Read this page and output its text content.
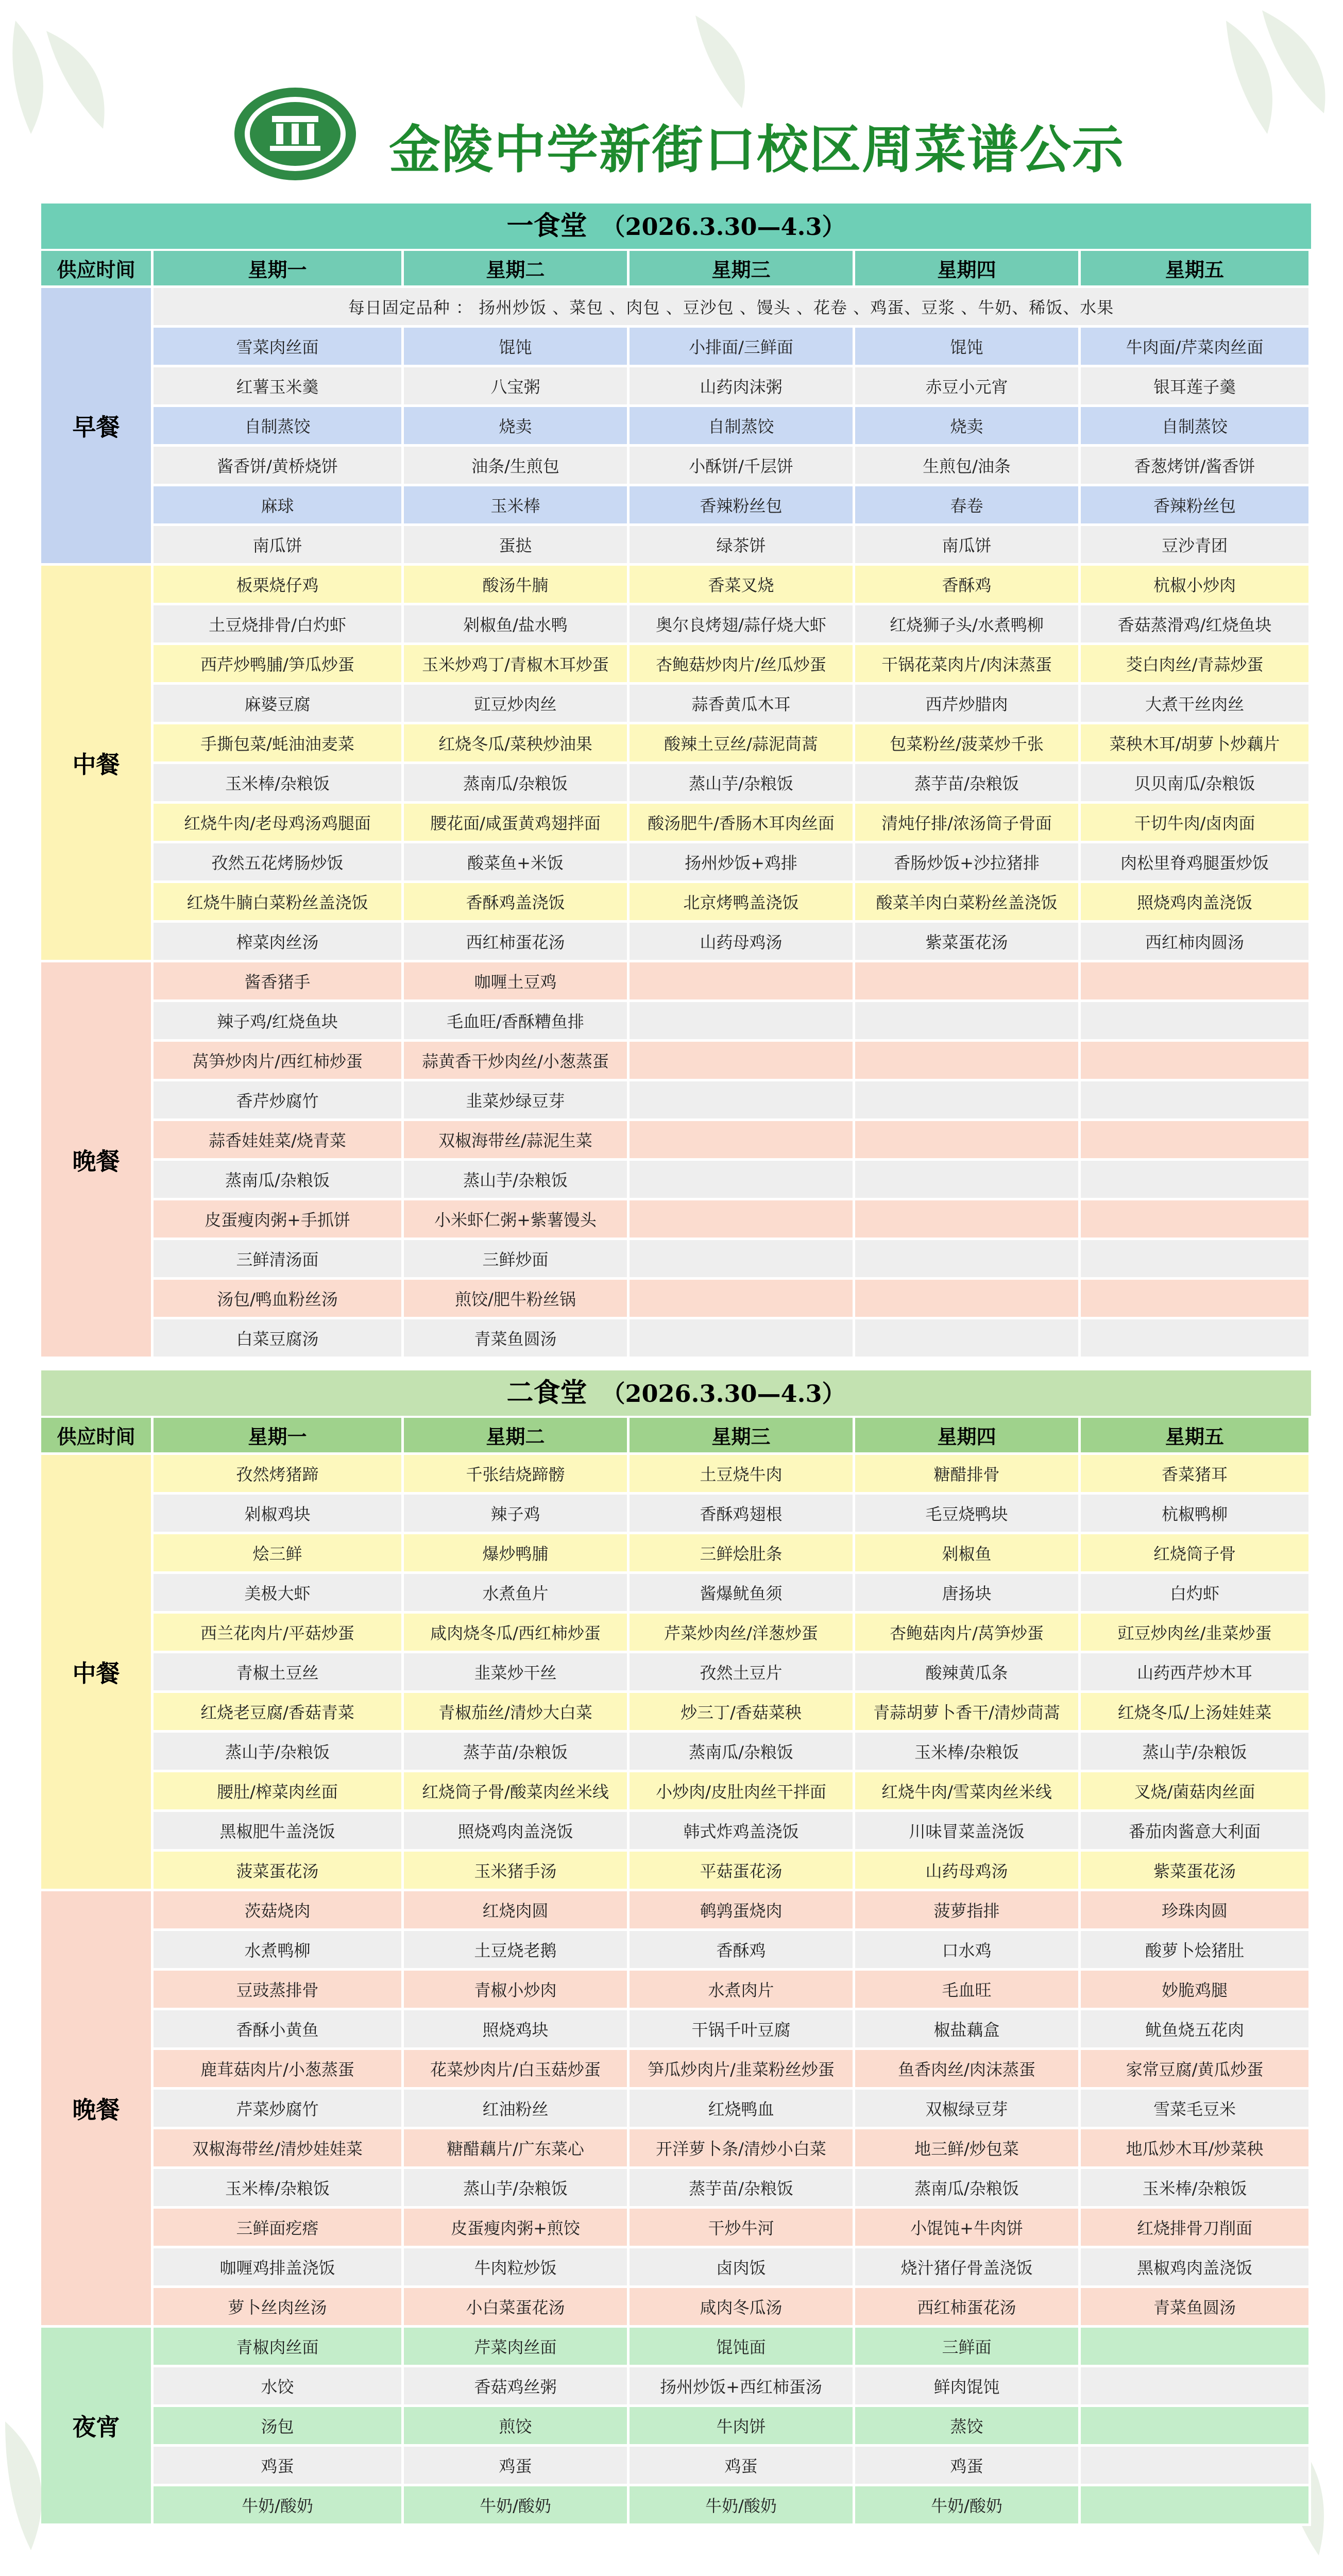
1888 金陵中学新街口校区周菜谱公示
一食堂 （2026.3.30—4.3）
供应时间	星期一	星期二	星期三	星期四	星期五
早餐
每日固定品种 ： 扬州炒饭 、菜包 、肉包 、豆沙包 、馒头 、花卷 、鸡蛋、豆浆 、牛奶、稀饭、水果
雪菜肉丝面	馄饨	小排面/三鲜面	馄饨	牛肉面/芹菜肉丝面
红薯玉米羹	八宝粥	山药肉沫粥	赤豆小元宵	银耳莲子羹
自制蒸饺	烧卖	自制蒸饺	烧卖	自制蒸饺
酱香饼/黄桥烧饼	油条/生煎包	小酥饼/千层饼	生煎包/油条	香葱烤饼/酱香饼
麻球	玉米棒	香辣粉丝包	春卷	香辣粉丝包
南瓜饼	蛋挞	绿茶饼	南瓜饼	豆沙青团
中餐
板栗烧仔鸡	酸汤牛腩	香菜叉烧	香酥鸡	杭椒小炒肉
土豆烧排骨/白灼虾	剁椒鱼/盐水鸭	奥尔良烤翅/蒜仔烧大虾	红烧狮子头/水煮鸭柳	香菇蒸滑鸡/红烧鱼块
西芹炒鸭脯/笋瓜炒蛋	玉米炒鸡丁/青椒木耳炒蛋	杏鲍菇炒肉片/丝瓜炒蛋	干锅花菜肉片/肉沫蒸蛋	茭白肉丝/青蒜炒蛋
麻婆豆腐	豇豆炒肉丝	蒜香黄瓜木耳	西芹炒腊肉	大煮干丝肉丝
手撕包菜/蚝油油麦菜	红烧冬瓜/菜秧炒油果	酸辣土豆丝/蒜泥茼蒿	包菜粉丝/菠菜炒千张	菜秧木耳/胡萝卜炒藕片
玉米棒/杂粮饭	蒸南瓜/杂粮饭	蒸山芋/杂粮饭	蒸芋苗/杂粮饭	贝贝南瓜/杂粮饭
红烧牛肉/老母鸡汤鸡腿面	腰花面/咸蛋黄鸡翅拌面	酸汤肥牛/香肠木耳肉丝面	清炖仔排/浓汤筒子骨面	干切牛肉/卤肉面
孜然五花烤肠炒饭	酸菜鱼+米饭	扬州炒饭+鸡排	香肠炒饭+沙拉猪排	肉松里脊鸡腿蛋炒饭
红烧牛腩白菜粉丝盖浇饭	香酥鸡盖浇饭	北京烤鸭盖浇饭	酸菜羊肉白菜粉丝盖浇饭	照烧鸡肉盖浇饭
榨菜肉丝汤	西红柿蛋花汤	山药母鸡汤	紫菜蛋花汤	西红柿肉圆汤
晚餐
酱香猪手	咖喱土豆鸡
辣子鸡/红烧鱼块	毛血旺/香酥糟鱼排
莴笋炒肉片/西红柿炒蛋	蒜黄香干炒肉丝/小葱蒸蛋
香芹炒腐竹	韭菜炒绿豆芽
蒜香娃娃菜/烧青菜	双椒海带丝/蒜泥生菜
蒸南瓜/杂粮饭	蒸山芋/杂粮饭
皮蛋瘦肉粥+手抓饼	小米虾仁粥+紫薯馒头
三鲜清汤面	三鲜炒面
汤包/鸭血粉丝汤	煎饺/肥牛粉丝锅
白菜豆腐汤	青菜鱼圆汤
二食堂 （2026.3.30—4.3）
供应时间	星期一	星期二	星期三	星期四	星期五
中餐
孜然烤猪蹄	千张结烧蹄髈	土豆烧牛肉	糖醋排骨	香菜猪耳
剁椒鸡块	辣子鸡	香酥鸡翅根	毛豆烧鸭块	杭椒鸭柳
烩三鲜	爆炒鸭脯	三鲜烩肚条	剁椒鱼	红烧筒子骨
美极大虾	水煮鱼片	酱爆鱿鱼须	唐扬块	白灼虾
西兰花肉片/平菇炒蛋	咸肉烧冬瓜/西红柿炒蛋	芹菜炒肉丝/洋葱炒蛋	杏鲍菇肉片/莴笋炒蛋	豇豆炒肉丝/韭菜炒蛋
青椒土豆丝	韭菜炒干丝	孜然土豆片	酸辣黄瓜条	山药西芹炒木耳
红烧老豆腐/香菇青菜	青椒茄丝/清炒大白菜	炒三丁/香菇菜秧	青蒜胡萝卜香干/清炒茼蒿	红烧冬瓜/上汤娃娃菜
蒸山芋/杂粮饭	蒸芋苗/杂粮饭	蒸南瓜/杂粮饭	玉米棒/杂粮饭	蒸山芋/杂粮饭
腰肚/榨菜肉丝面	红烧筒子骨/酸菜肉丝米线	小炒肉/皮肚肉丝干拌面	红烧牛肉/雪菜肉丝米线	叉烧/菌菇肉丝面
黑椒肥牛盖浇饭	照烧鸡肉盖浇饭	韩式炸鸡盖浇饭	川味冒菜盖浇饭	番茄肉酱意大利面
菠菜蛋花汤	玉米猪手汤	平菇蛋花汤	山药母鸡汤	紫菜蛋花汤
晚餐
茨菇烧肉	红烧肉圆	鹌鹑蛋烧肉	菠萝指排	珍珠肉圆
水煮鸭柳	土豆烧老鹅	香酥鸡	口水鸡	酸萝卜烩猪肚
豆豉蒸排骨	青椒小炒肉	水煮肉片	毛血旺	妙脆鸡腿
香酥小黄鱼	照烧鸡块	干锅千叶豆腐	椒盐藕盒	鱿鱼烧五花肉
鹿茸菇肉片/小葱蒸蛋	花菜炒肉片/白玉菇炒蛋	笋瓜炒肉片/韭菜粉丝炒蛋	鱼香肉丝/肉沫蒸蛋	家常豆腐/黄瓜炒蛋
芹菜炒腐竹	红油粉丝	红烧鸭血	双椒绿豆芽	雪菜毛豆米
双椒海带丝/清炒娃娃菜	糖醋藕片/广东菜心	开洋萝卜条/清炒小白菜	地三鲜/炒包菜	地瓜炒木耳/炒菜秧
玉米棒/杂粮饭	蒸山芋/杂粮饭	蒸芋苗/杂粮饭	蒸南瓜/杂粮饭	玉米棒/杂粮饭
三鲜面疙瘩	皮蛋瘦肉粥+煎饺	干炒牛河	小馄饨+牛肉饼	红烧排骨刀削面
咖喱鸡排盖浇饭	牛肉粒炒饭	卤肉饭	烧汁猪仔骨盖浇饭	黑椒鸡肉盖浇饭
萝卜丝肉丝汤	小白菜蛋花汤	咸肉冬瓜汤	西红柿蛋花汤	青菜鱼圆汤
夜宵
青椒肉丝面	芹菜肉丝面	馄饨面	三鲜面
水饺	香菇鸡丝粥	扬州炒饭+西红柿蛋汤	鲜肉馄饨
汤包	煎饺	牛肉饼	蒸饺
鸡蛋	鸡蛋	鸡蛋	鸡蛋
牛奶/酸奶	牛奶/酸奶	牛奶/酸奶	牛奶/酸奶
